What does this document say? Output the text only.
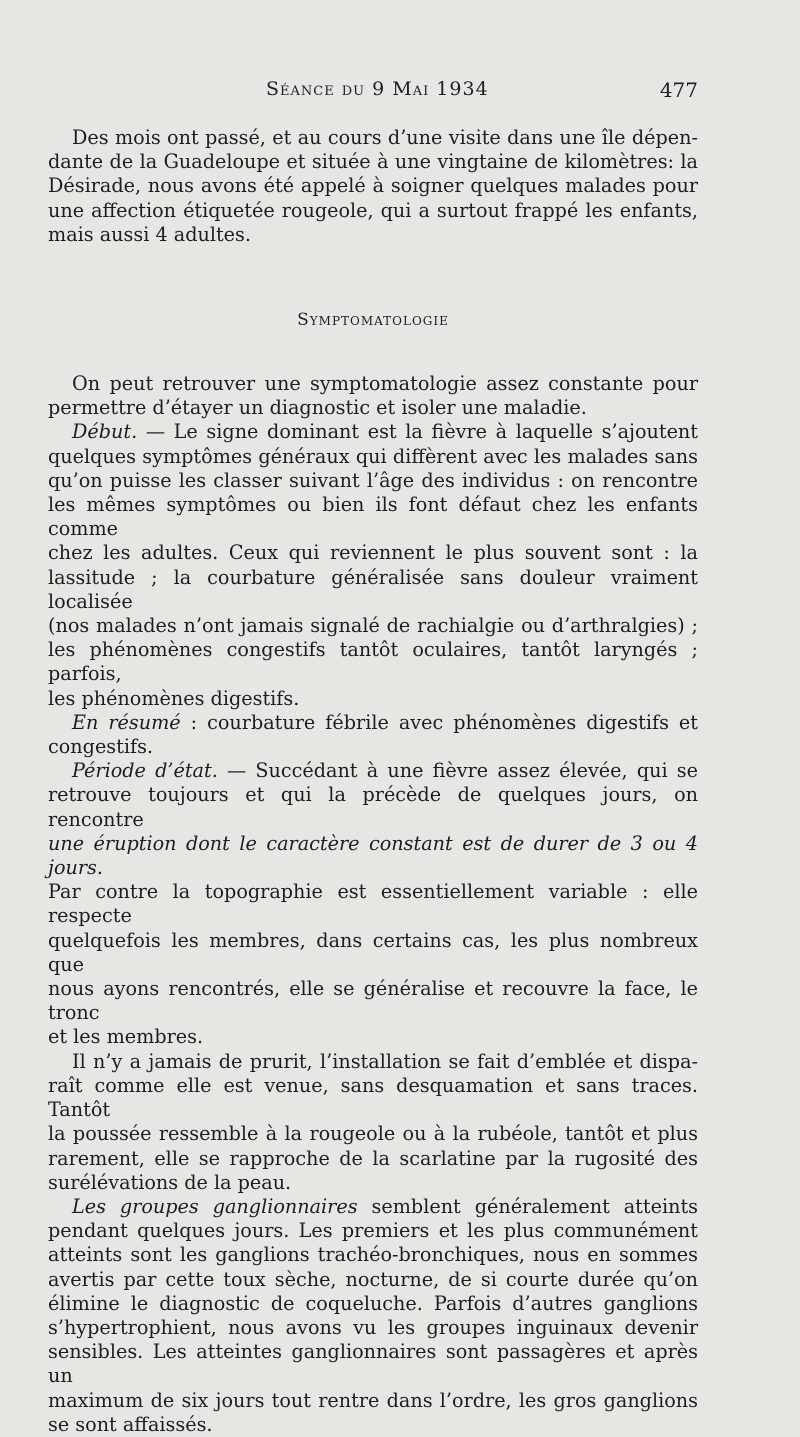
Séance du 9 Mai 1934	477

Des mois ont passé, et au cours d’une visite dans une île dépen-

dante de la Guadeloupe et située à une vingtaine de kilomètres: la

Désirade, nous avons été appelé à soigner quelques malades pour

une affection étiquetée rougeole, qui a surtout frappé les enfants,

mais aussi 4 adultes.

Symptomatologie

On peut retrouver une symptomatologie assez constante pour

permettre d’étayer un diagnostic et isoler une maladie.

Début. — Le signe dominant est la fièvre à laquelle s’ajoutent

quelques symptômes généraux qui diffèrent avec les malades sans

qu’on puisse les classer suivant l’âge des individus : on rencontre

les mêmes symptômes ou bien ils font défaut chez les enfants comme

chez les adultes. Ceux qui reviennent le plus souvent sont : la

lassitude ; la courbature généralisée sans douleur vraiment localisée

(nos malades n’ont jamais signalé de rachialgie ou d’arthralgies) ;

les phénomènes congestifs tantôt oculaires, tantôt laryngés ; parfois,

les phénomènes digestifs.

En résumé : courbature fébrile avec phénomènes digestifs et

congestifs.

Période d’état. — Succédant à une fièvre assez élevée, qui se

retrouve toujours et qui la précède de quelques jours, on rencontre

une éruption dont le caractère constant est de durer de 3 ou 4 jours.

Par contre la topographie est essentiellement variable : elle respecte

quelquefois les membres, dans certains cas, les plus nombreux que

nous ayons rencontrés, elle se généralise et recouvre la face, le tronc

et les membres.

Il n’y a jamais de prurit, l’installation se fait d’emblée et dispa-

raît comme elle est venue, sans desquamation et sans traces. Tantôt

la poussée ressemble à la rougeole ou à la rubéole, tantôt et plus

rarement, elle se rapproche de la scarlatine par la rugosité des

surélévations de la peau.

Les groupes ganglionnaires semblent généralement atteints

pendant quelques jours. Les premiers et les plus communément

atteints sont les ganglions trachéo-bronchiques, nous en sommes

avertis par cette toux sèche, nocturne, de si courte durée qu’on

élimine le diagnostic de coqueluche. Parfois d’autres ganglions

s’hypertrophient, nous avons vu les groupes inguinaux devenir

sensibles. Les atteintes ganglionnaires sont passagères et après un

maximum de six jours tout rentre dans l’ordre, les gros ganglions

se sont affaissés.
